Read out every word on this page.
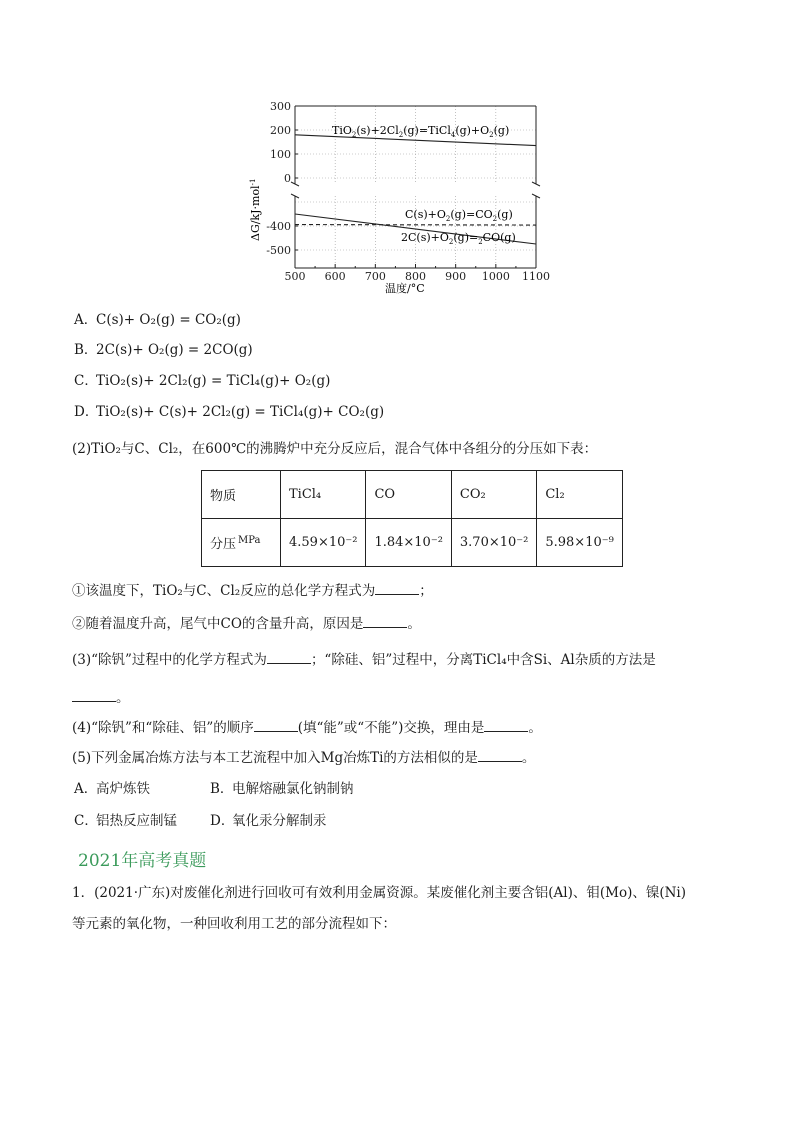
500 600 700 800 900 1000 1100
300
200
100
0
-400
-500
$TiO_2(s)+2Cl_2(g)=TiCl_4(g)+O_2(g)$
$C(s)+O_2(g)=CO_2(g)$
$2C(s)+O_2(g)=_2CO(g)$
ΔG/kJ·mol$^{-1}$
温度/°C
A．C(s)+ O₂(g) = CO₂(g)
B．2C(s)+ O₂(g) = 2CO(g)
C．TiO₂(s)+ 2Cl₂(g) = TiCl₄(g)+ O₂(g)
D．TiO₂(s)+ C(s)+ 2Cl₂(g) = TiCl₄(g)+ CO₂(g)
(2)TiO₂与C、Cl₂，在600℃的沸腾炉中充分反应后，混合气体中各组分的分压如下表：
物质	TiCl₄	CO	CO₂	Cl₂
分压 $^{MPa}$	4.59×10⁻²	1.84×10⁻²	3.70×10⁻²	5.98×10⁻⁹
①该温度下，TiO₂与C、Cl₂反应的总化学方程式为	；
②随着温度升高，尾气中CO的含量升高，原因是	。
(3)“除钒”过程中的化学方程式为	；“除硅、铝”过程中，分离TiCl₄中含Si、Al杂质的方法是
。
(4)“除钒”和“除硅、铝”的顺序	(填“能”或“不能”)交换，理由是	。
(5)下列金属冶炼方法与本工艺流程中加入Mg冶炼Ti的方法相似的是	。
A．高炉炼铁	B．电解熔融氯化钠制钠
C．铝热反应制锰 D．氧化汞分解制汞
2021年高考真题
1．(2021·广东)对废催化剂进行回收可有效利用金属资源。某废催化剂主要含铝(Al)、钼(Mo)、镍(Ni)
等元素的氧化物，一种回收利用工艺的部分流程如下：
